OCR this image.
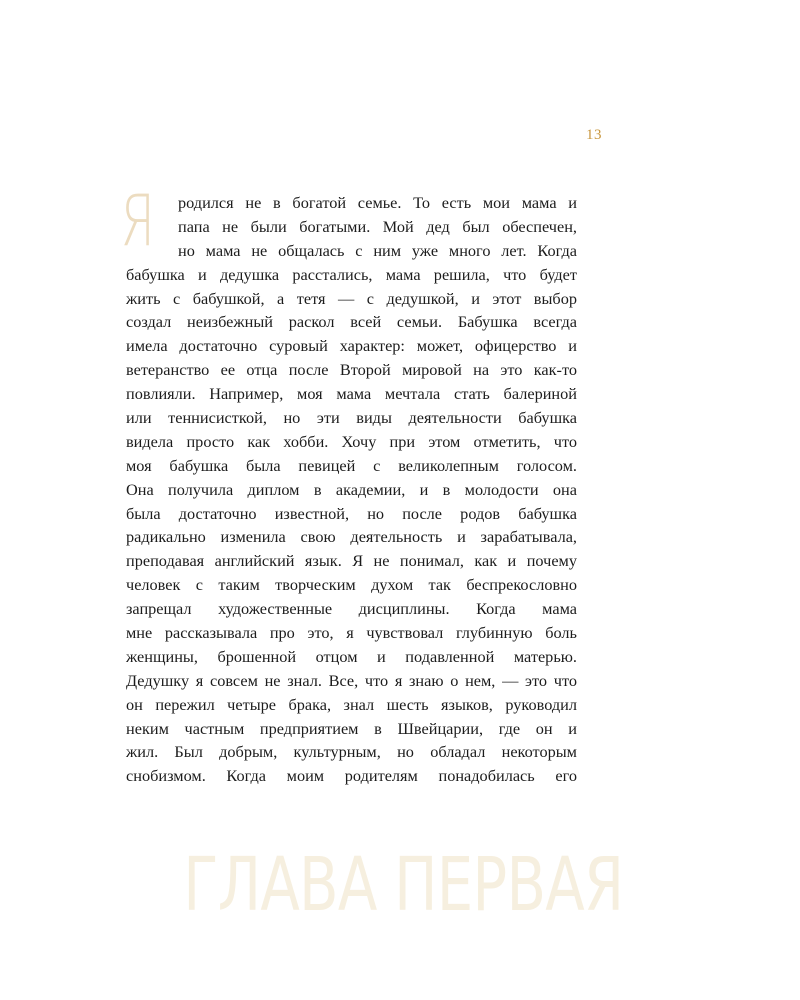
13
Я	родился не в богатой семье. То есть мои мама и
папа не были богатыми. Мой дед был обеспечен,
но мама не общалась с ним уже много лет. Когда
бабушка и дедушка расстались, мама решила, что будет
жить с бабушкой, а тетя — с дедушкой, и этот выбор
создал неизбежный раскол всей семьи. Бабушка всегда
имела достаточно суровый характер: может, офицерство и
ветеранство ее отца после Второй мировой на это как-то
повлияли. Например, моя мама мечтала стать балериной
или теннисисткой, но эти виды деятельности бабушка
видела просто как хобби. Хочу при этом отметить, что
моя бабушка была певицей с великолепным голосом.
Она получила диплом в академии, и в молодости она
была достаточно известной, но после родов бабушка
радикально изменила свою деятельность и зарабатывала,
преподавая английский язык. Я не понимал, как и почему
человек с таким творческим духом так беспрекословно
запрещал художественные дисциплины. Когда мама
мне рассказывала про это, я чувствовал глубинную боль
женщины, брошенной отцом и подавленной матерью.
Дедушку я совсем не знал. Все, что я знаю о нем, — это что
он пережил четыре брака, знал шесть языков, руководил
неким частным предприятием в Швейцарии, где он и
жил. Был добрым, культурным, но обладал некоторым
снобизмом. Когда моим родителям понадобилась его
ГЛАВА ПЕРВАЯ
